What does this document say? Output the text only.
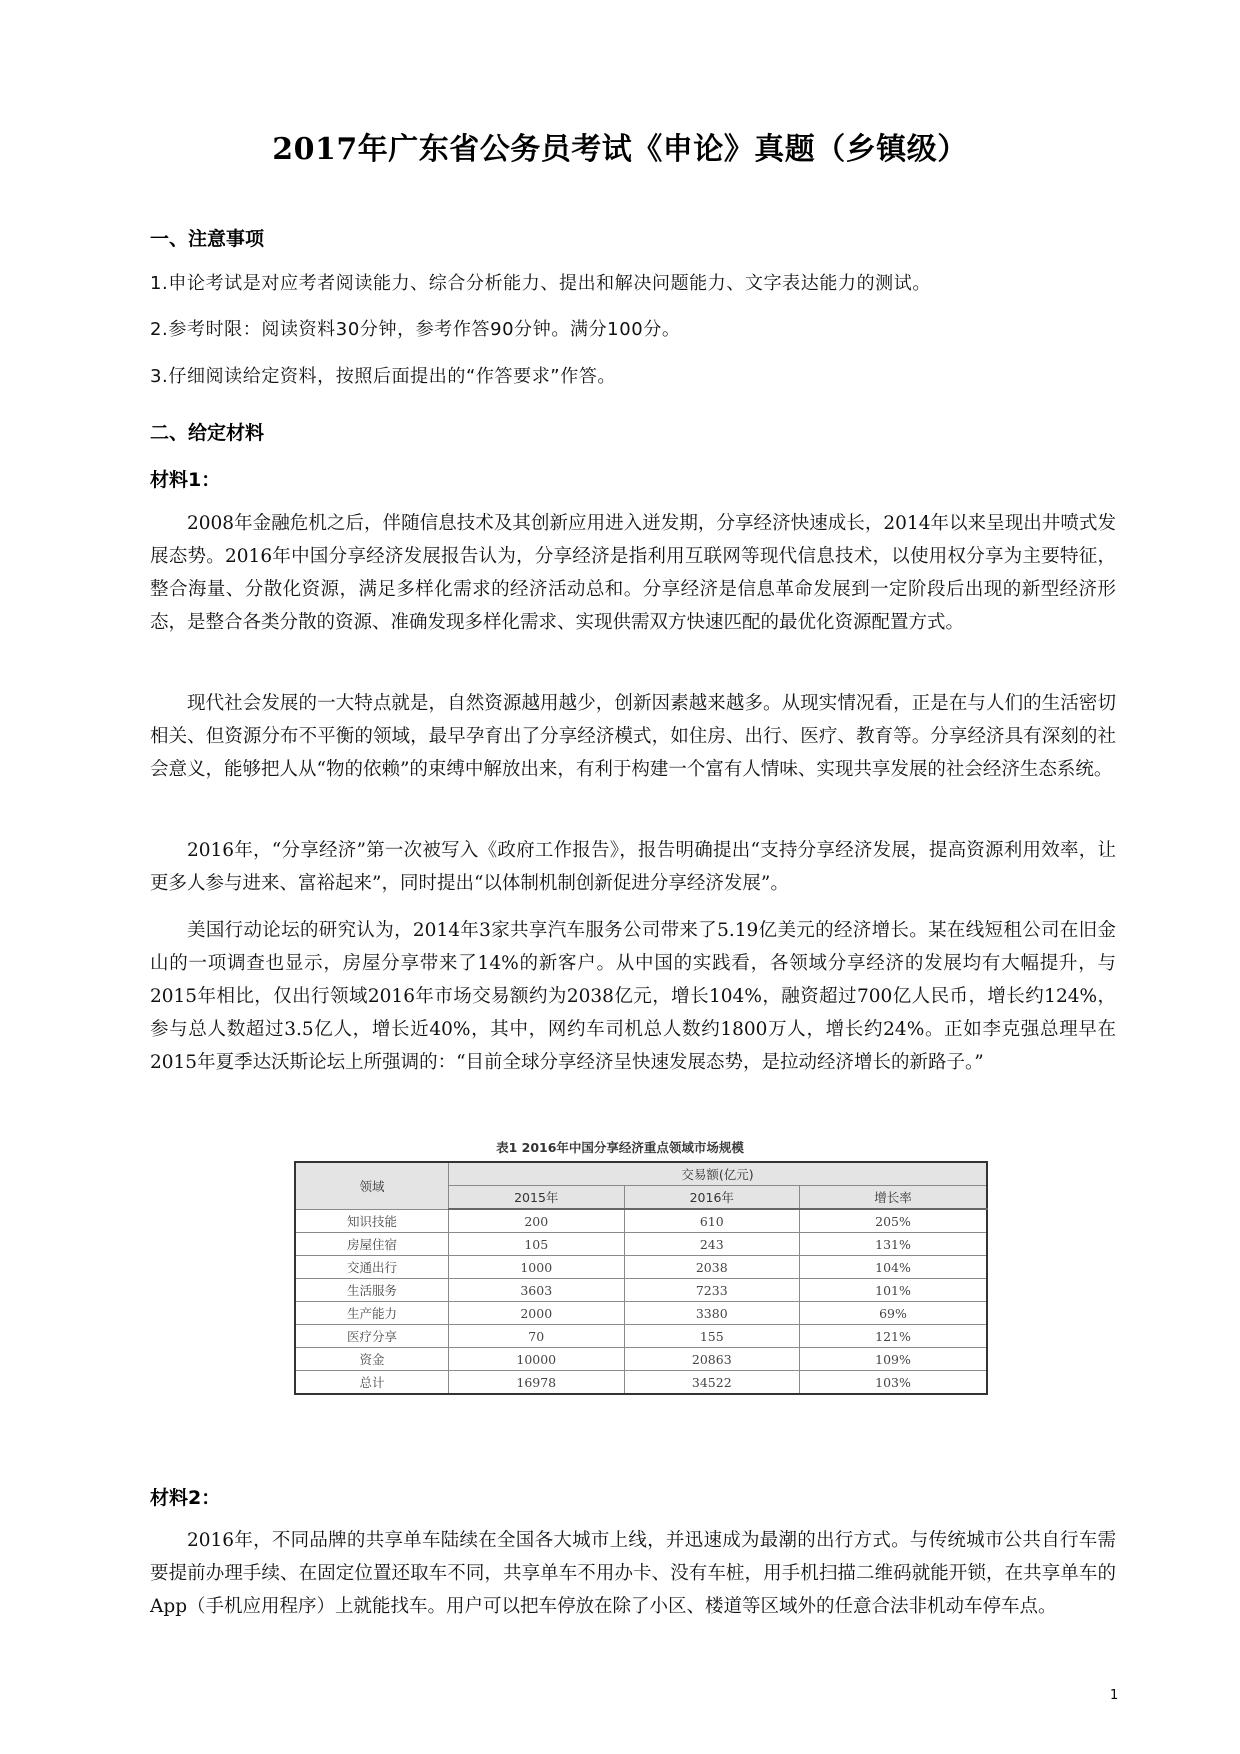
2017年广东省公务员考试《申论》真题（乡镇级）
一、注意事项
1.申论考试是对应考者阅读能力、综合分析能力、提出和解决问题能力、文字表达能力的测试。
2.参考时限：阅读资料30分钟，参考作答90分钟。满分100分。
3.仔细阅读给定资料，按照后面提出的“作答要求”作答。
二、给定材料
材料1：

2008年金融危机之后，伴随信息技术及其创新应用进入迸发期，分享经济快速成长，2014年以来呈现出井喷式发展态势。2016年中国分享经济发展报告认为，分享经济是指利用互联网等现代信息技术，以使用权分享为主要特征，整合海量、分散化资源，满足多样化需求的经济活动总和。分享经济是信息革命发展到一定阶段后出现的新型经济形态，是整合各类分散的资源、准确发现多样化需求、实现供需双方快速匹配的最优化资源配置方式。

现代社会发展的一大特点就是，自然资源越用越少，创新因素越来越多。从现实情况看，正是在与人们的生活密切相关、但资源分布不平衡的领域，最早孕育出了分享经济模式，如住房、出行、医疗、教育等。分享经济具有深刻的社会意义，能够把人从“物的依赖”的束缚中解放出来，有利于构建一个富有人情味、实现共享发展的社会经济生态系统。

2016年，“分享经济”第一次被写入《政府工作报告》，报告明确提出“支持分享经济发展，提高资源利用效率，让更多人参与进来、富裕起来”，同时提出“以体制机制创新促进分享经济发展”。

美国行动论坛的研究认为，2014年3家共享汽车服务公司带来了5.19亿美元的经济增长。某在线短租公司在旧金山的一项调查也显示，房屋分享带来了14%的新客户。从中国的实践看，各领域分享经济的发展均有大幅提升，与2015年相比，仅出行领域2016年市场交易额约为2038亿元，增长104%，融资超过700亿人民币，增长约124%，参与总人数超过3.5亿人，增长近40%，其中，网约车司机总人数约1800万人，增长约24%。正如李克强总理早在2015年夏季达沃斯论坛上所强调的：“目前全球分享经济呈快速发展态势，是拉动经济增长的新路子。”

表1 2016年中国分享经济重点领域市场规模
领域	交易额(亿元)		
	2015年	2016年	增长率
知识技能	200	610	205%
房屋住宿	105	243	131%
交通出行	1000	2038	104%
生活服务	3603	7233	101%
生产能力	2000	3380	69%
医疗分享	70	155	121%
资金	10000	20863	109%
总计	16978	34522	103%
材料2：

2016年，不同品牌的共享单车陆续在全国各大城市上线，并迅速成为最潮的出行方式。与传统城市公共自行车需要提前办理手续、在固定位置还取车不同，共享单车不用办卡、没有车桩，用手机扫描二维码就能开锁，在共享单车的App（手机应用程序）上就能找车。用户可以把车停放在除了小区、楼道等区域外的任意合法非机动车停车点。

1
